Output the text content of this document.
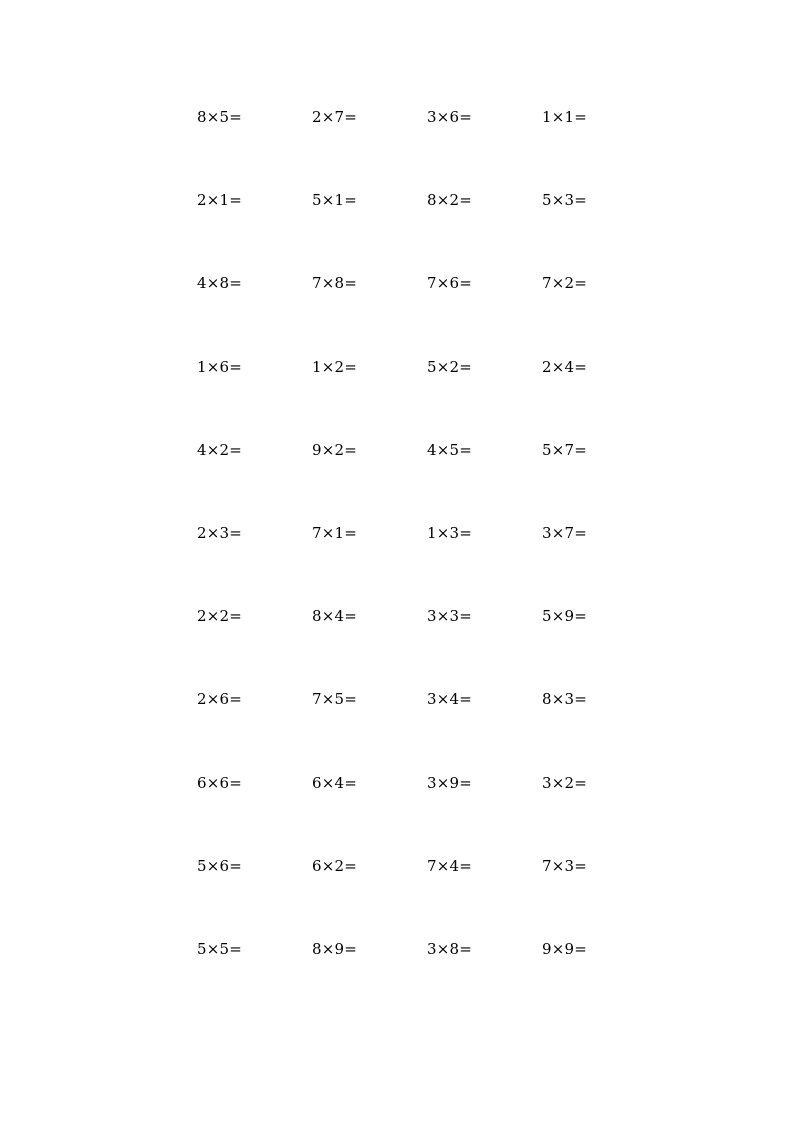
8×5=	2×7=	3×6=	1×1=
2×1=	5×1=	8×2=	5×3=
4×8=	7×8=	7×6=	7×2=
1×6=	1×2=	5×2=	2×4=
4×2=	9×2=	4×5=	5×7=
2×3=	7×1=	1×3=	3×7=
2×2=	8×4=	3×3=	5×9=
2×6=	7×5=	3×4=	8×3=
6×6=	6×4=	3×9=	3×2=
5×6=	6×2=	7×4=	7×3=
5×5=	8×9=	3×8=	9×9=
